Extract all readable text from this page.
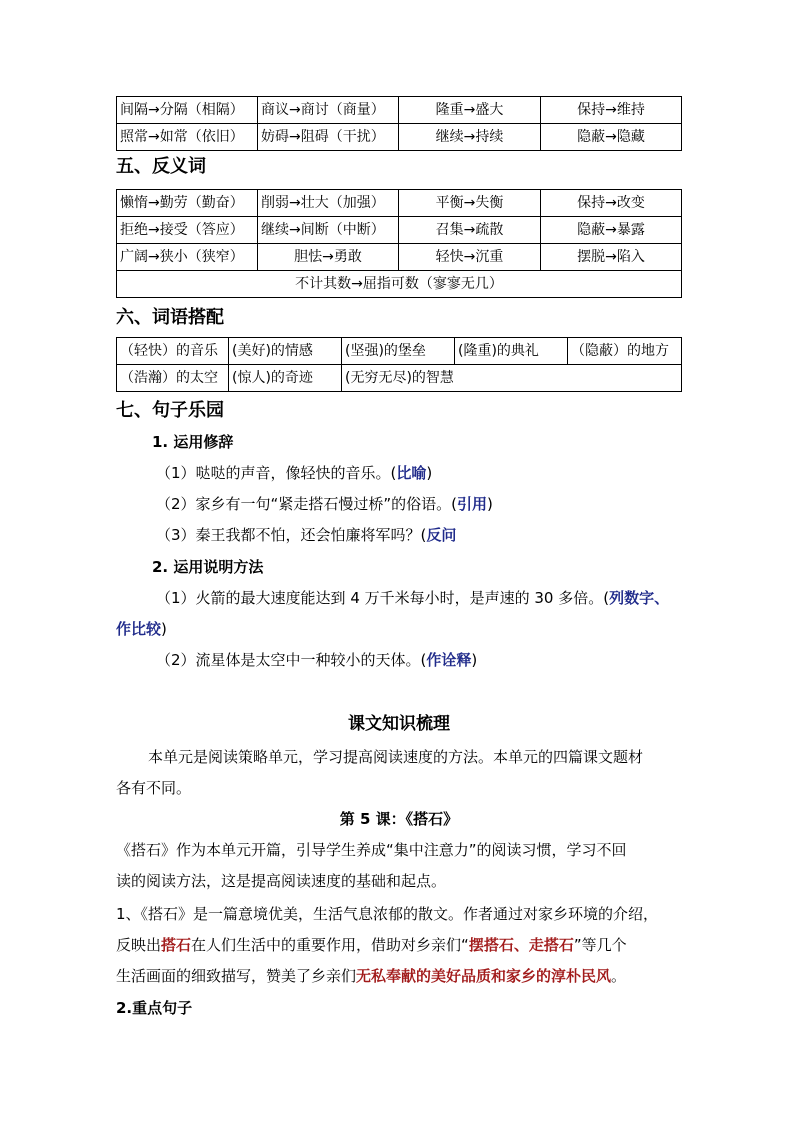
间隔→分隔（相隔）	商议→商讨（商量）	隆重→盛大	保持→维持
照常→如常（依旧）	妨碍→阻碍（干扰）	继续→持续	隐蔽→隐藏
五、反义词
懒惰→勤劳（勤奋）	削弱→壮大（加强）	平衡→失衡	保持→改变
拒绝→接受（答应）	继续→间断（中断）	召集→疏散	隐蔽→暴露
广阔→狭小（狭窄）	胆怯→勇敢	轻快→沉重	摆脱→陷入
不计其数→屈指可数（寥寥无几）			
六、词语搭配
（轻快）的音乐	(美好)的情感	(坚强)的堡垒	(隆重)的典礼	（隐蔽）的地方
（浩瀚）的太空	(惊人)的奇迹	(无穷无尽)的智慧		
七、句子乐园
1. 运用修辞
（1）哒哒的声音，像轻快的音乐。(比喻)
（2）家乡有一句“紧走搭石慢过桥”的俗语。(引用)
（3）秦王我都不怕，还会怕廉将军吗？(反问
2. 运用说明方法
（1）火箭的最大速度能达到 4 万千米每小时，是声速的 30 多倍。(列数字、
作比较)
（2）流星体是太空中一种较小的天体。(作诠释)
课文知识梳理
本单元是阅读策略单元，学习提高阅读速度的方法。本单元的四篇课文题材
各有不同。
第 5 课：《搭石》
《搭石》作为本单元开篇，引导学生养成“集中注意力”的阅读习惯，学习不回
读的阅读方法，这是提高阅读速度的基础和起点。
1、《搭石》是一篇意境优美，生活气息浓郁的散文。作者通过对家乡环境的介绍，
反映出搭石在人们生活中的重要作用，借助对乡亲们“摆搭石、走搭石”等几个
生活画面的细致描写，赞美了乡亲们无私奉献的美好品质和家乡的淳朴民风。
2.重点句子
